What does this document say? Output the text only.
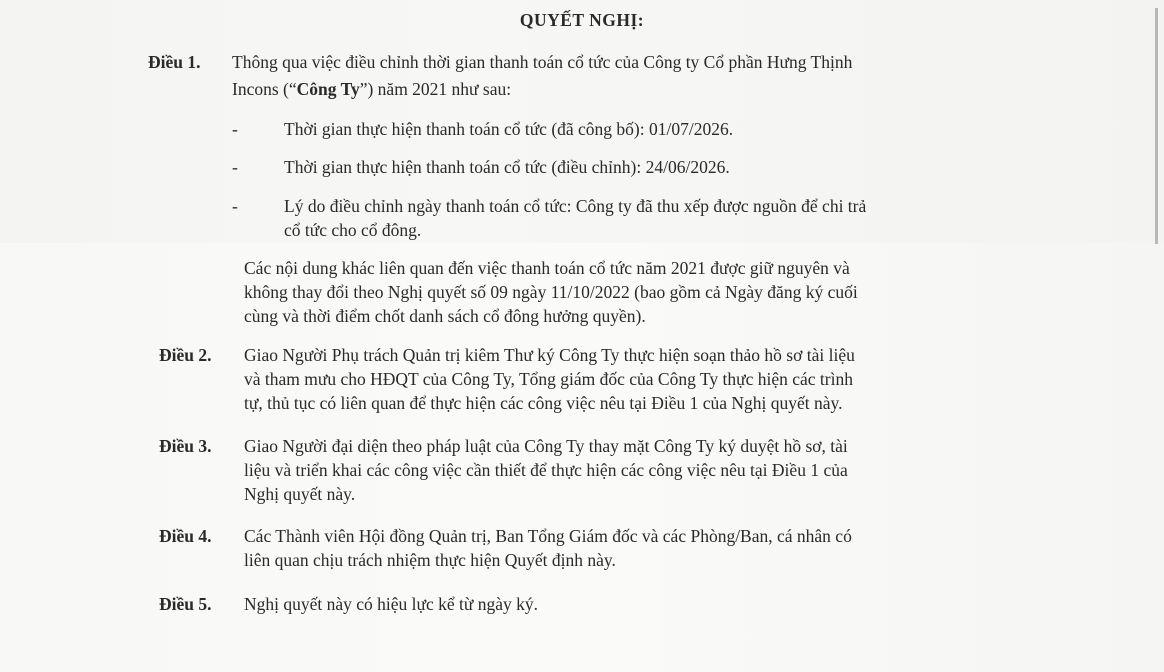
QUYẾT NGHỊ:
Điều 1. Thông qua việc điều chỉnh thời gian thanh toán cổ tức của Công ty Cổ phần Hưng Thịnh
Incons (“Công Ty”) năm 2021 như sau:
-	Thời gian thực hiện thanh toán cổ tức (đã công bố): 01/07/2026.
-	Thời gian thực hiện thanh toán cổ tức (điều chỉnh): 24/06/2026.
-	Lý do điều chỉnh ngày thanh toán cổ tức: Công ty đã thu xếp được nguồn để chi trả
cổ tức cho cổ đông.
Các nội dung khác liên quan đến việc thanh toán cổ tức năm 2021 được giữ nguyên và
không thay đổi theo Nghị quyết số 09 ngày 11/10/2022 (bao gồm cả Ngày đăng ký cuối
cùng và thời điểm chốt danh sách cổ đông hưởng quyền).
Điều 2. Giao Người Phụ trách Quản trị kiêm Thư ký Công Ty thực hiện soạn thảo hồ sơ tài liệu
và tham mưu cho HĐQT của Công Ty, Tổng giám đốc của Công Ty thực hiện các trình
tự, thủ tục có liên quan để thực hiện các công việc nêu tại Điều 1 của Nghị quyết này.
Điều 3. Giao Người đại diện theo pháp luật của Công Ty thay mặt Công Ty ký duyệt hồ sơ, tài
liệu và triển khai các công việc cần thiết để thực hiện các công việc nêu tại Điều 1 của
Nghị quyết này.
Điều 4. Các Thành viên Hội đồng Quản trị, Ban Tổng Giám đốc và các Phòng/Ban, cá nhân có
liên quan chịu trách nhiệm thực hiện Quyết định này.
Điều 5. Nghị quyết này có hiệu lực kể từ ngày ký.
